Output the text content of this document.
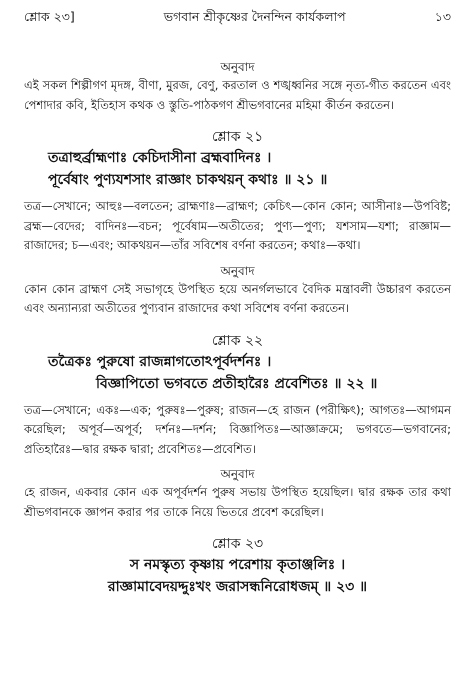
শ্লোক ২৩]	ভগবান শ্রীকৃষ্ণের দৈনন্দিন কার্যকলাপ	১৩

অনুবাদ

এই সকল শিল্পীগণ মৃদঙ্গ, বীণা, মুরজ, বেণু, করতাল ও শঙ্খধ্বনির সঙ্গে নৃত্য-গীত করতেন এবং পেশাদার কবি, ইতিহাস কথক ও স্তুতি-পাঠকগণ শ্রীভগবানের মহিমা কীর্তন করতেন।

শ্লোক ২১

তত্রাহুর্ব্রাহ্মণাঃ কেচিদাসীনা ব্রহ্মবাদিনঃ ।

পূর্বেষাং পুণ্যযশসাং রাজ্ঞাং চাকথয়ন্ কথাঃ ॥ ২১ ॥

তত্র—সেখানে; আহুঃ—বলতেন; ব্রাহ্মণাঃ—ব্রাহ্মণ; কেচিৎ—কোন কোন; আসীনাঃ—উপবিষ্ট; ব্রহ্ম—বেদের; বাদিনঃ—বচন; পূর্বেষাম—অতীতের; পুণ্য—পুণ্য; যশসাম—যশা; রাজ্ঞাম—রাজাদের; চ—এবং; আকথয়ন—তাঁর সবিশেষ বর্ণনা করতেন; কথাঃ—কথা।

অনুবাদ

কোন কোন ব্রাহ্মণ সেই সভাগৃহে উপস্থিত হয়ে অনর্গলভাবে বৈদিক মন্ত্রাবলী উচ্চারণ করতেন এবং অন্যান্যরা অতীতের পুণ্যবান রাজাদের কথা সবিশেষ বর্ণনা করতেন।

শ্লোক ২২

তত্রৈকঃ পুরুষো রাজন্নাগতোঽপূর্বদর্শনঃ ।

বিজ্ঞাপিতো ভগবতে প্রতীহারৈঃ প্রবেশিতঃ ॥ ২২ ॥

তত্র—সেখানে; একঃ—এক; পুরুষঃ—পুরুষ; রাজন—হে রাজন (পরীক্ষিৎ); আগতঃ—আগমন করেছিল; অপূর্ব—অপূর্ব; দর্শনঃ—দর্শন; বিজ্ঞাপিতঃ—আজ্ঞাক্রমে; ভগবতে—ভগবানের; প্রতিহারৈঃ—দ্বার রক্ষক দ্বারা; প্রবেশিতঃ—প্রবেশিত।

অনুবাদ

হে রাজন, একবার কোন এক অপূর্বদর্শন পুরুষ সভায় উপস্থিত হয়েছিল। দ্বার রক্ষক তার কথা শ্রীভগবানকে জ্ঞাপন করার পর তাকে নিয়ে ভিতরে প্রবেশ করেছিল।

শ্লোক ২৩

স নমস্কৃত্য কৃষ্ণায় পরেশায় কৃতাঞ্জলিঃ ।

রাজ্ঞামাবেদয়দ্দুঃখং জরাসন্ধনিরোধজম্ ॥ ২৩ ॥
